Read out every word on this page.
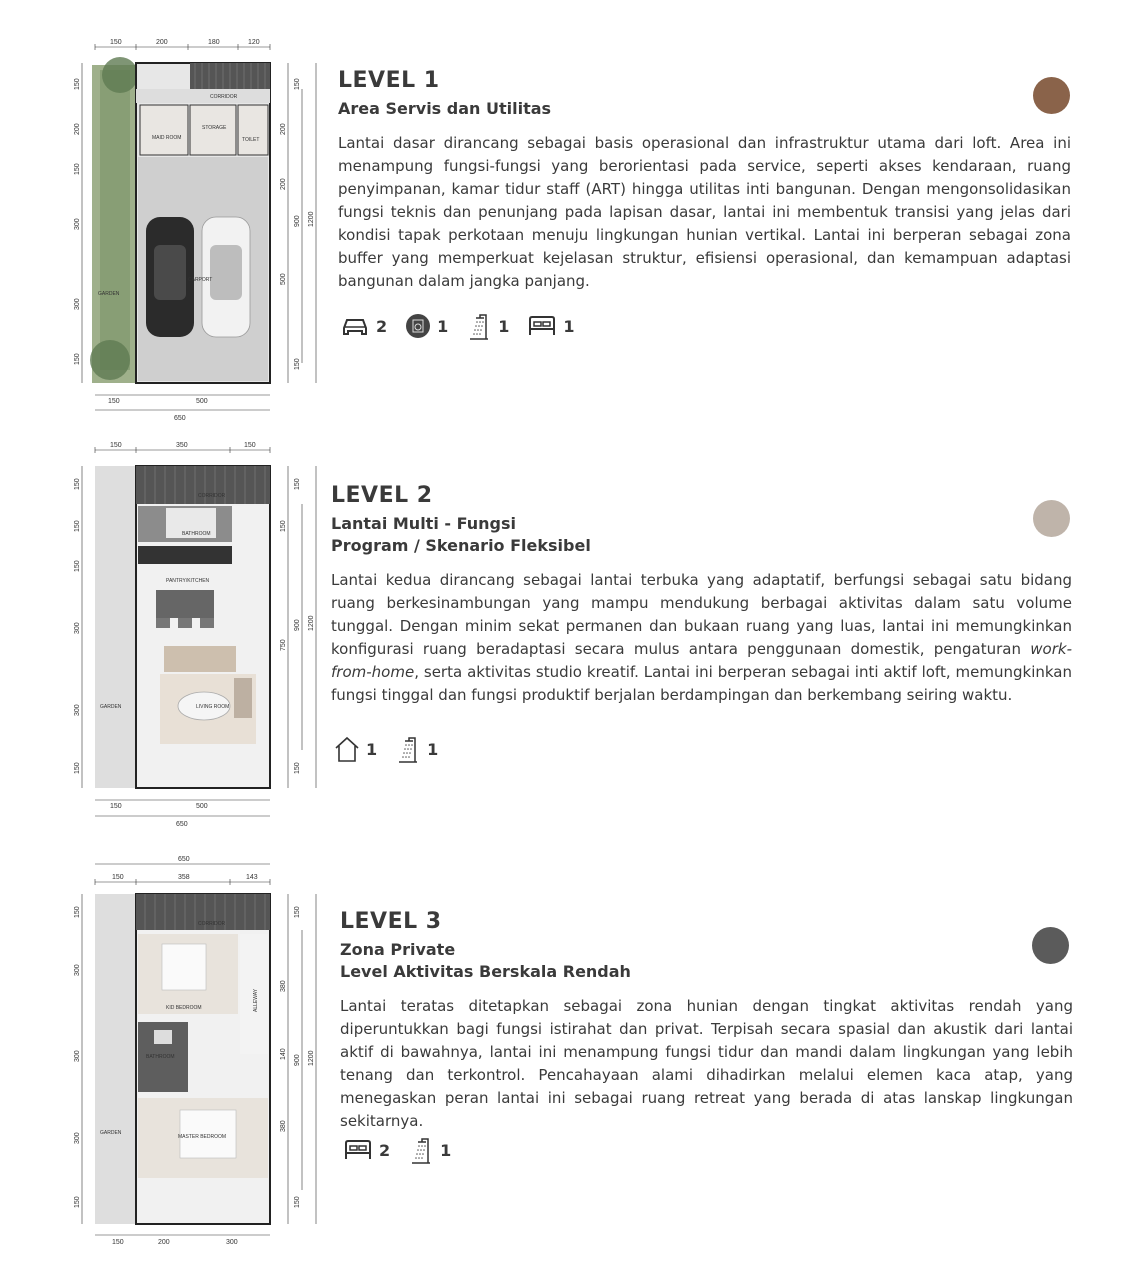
150	200	180	120
CORRIDOR
MAID ROOM
STORAGE
TOILET
CARPORT
GARDEN
150
200
150
300
300
150
150
200
200
500
150
900 1200
150	500
650
LEVEL 1
Area Servis dan Utilitas

Lantai dasar dirancang sebagai basis operasional dan infrastruktur utama dari loft. Area ini menampung fungsi-fungsi yang berorientasi pada service, seperti akses kendaraan, ruang penyimpanan, kamar tidur staff (ART) hingga utilitas inti bangunan. Dengan mengonsolidasikan fungsi teknis dan penunjang pada lapisan dasar, lantai ini membentuk transisi yang jelas dari kondisi tapak perkotaan menuju lingkungan hunian vertikal. Lantai ini berperan sebagai zona buffer yang memperkuat kejelasan struktur, efisiensi operasional, dan kemampuan adaptasi bangunan dalam jangka panjang.

2	1	1	1
150	350	150
CORRIDOR
BATHROOM
PANTRY/KITCHEN
LIVING ROOM
GARDEN
150
150
150
300
300
150
150
150
750
150
900 1200
150	500
650
LEVEL 2
Lantai Multi - Fungsi
Program / Skenario Fleksibel

Lantai kedua dirancang sebagai lantai terbuka yang adaptatif, berfungsi sebagai satu bidang ruang berkesinambungan yang mampu mendukung berbagai aktivitas dalam satu volume tunggal. Dengan minim sekat permanen dan bukaan ruang yang luas, lantai ini memungkinkan konfigurasi ruang beradaptasi secara mulus antara penggunaan domestik, pengaturan work-from-home, serta aktivitas studio kreatif. Lantai ini berperan sebagai inti aktif loft, memungkinkan fungsi tinggal dan fungsi produktif berjalan berdampingan dan berkembang seiring waktu.

1	1
650
150	358	143
CORRIDOR
KID BEDROOM	ALLEWAY
BATHROOM
MASTER BEDROOM
GARDEN
150
300
300
300
150
150
380
140
380
150
900 1200
150	200	300
LEVEL 3
Zona Private
Level Aktivitas Berskala Rendah

Lantai teratas ditetapkan sebagai zona hunian dengan tingkat aktivitas rendah yang diperuntukkan bagi fungsi istirahat dan privat. Terpisah secara spasial dan akustik dari lantai aktif di bawahnya, lantai ini menampung fungsi tidur dan mandi dalam lingkungan yang lebih tenang dan terkontrol. Pencahayaan alami dihadirkan melalui elemen kaca atap, yang menegaskan peran lantai ini sebagai ruang retreat yang berada di atas lanskap lingkungan sekitarnya.

2	1
